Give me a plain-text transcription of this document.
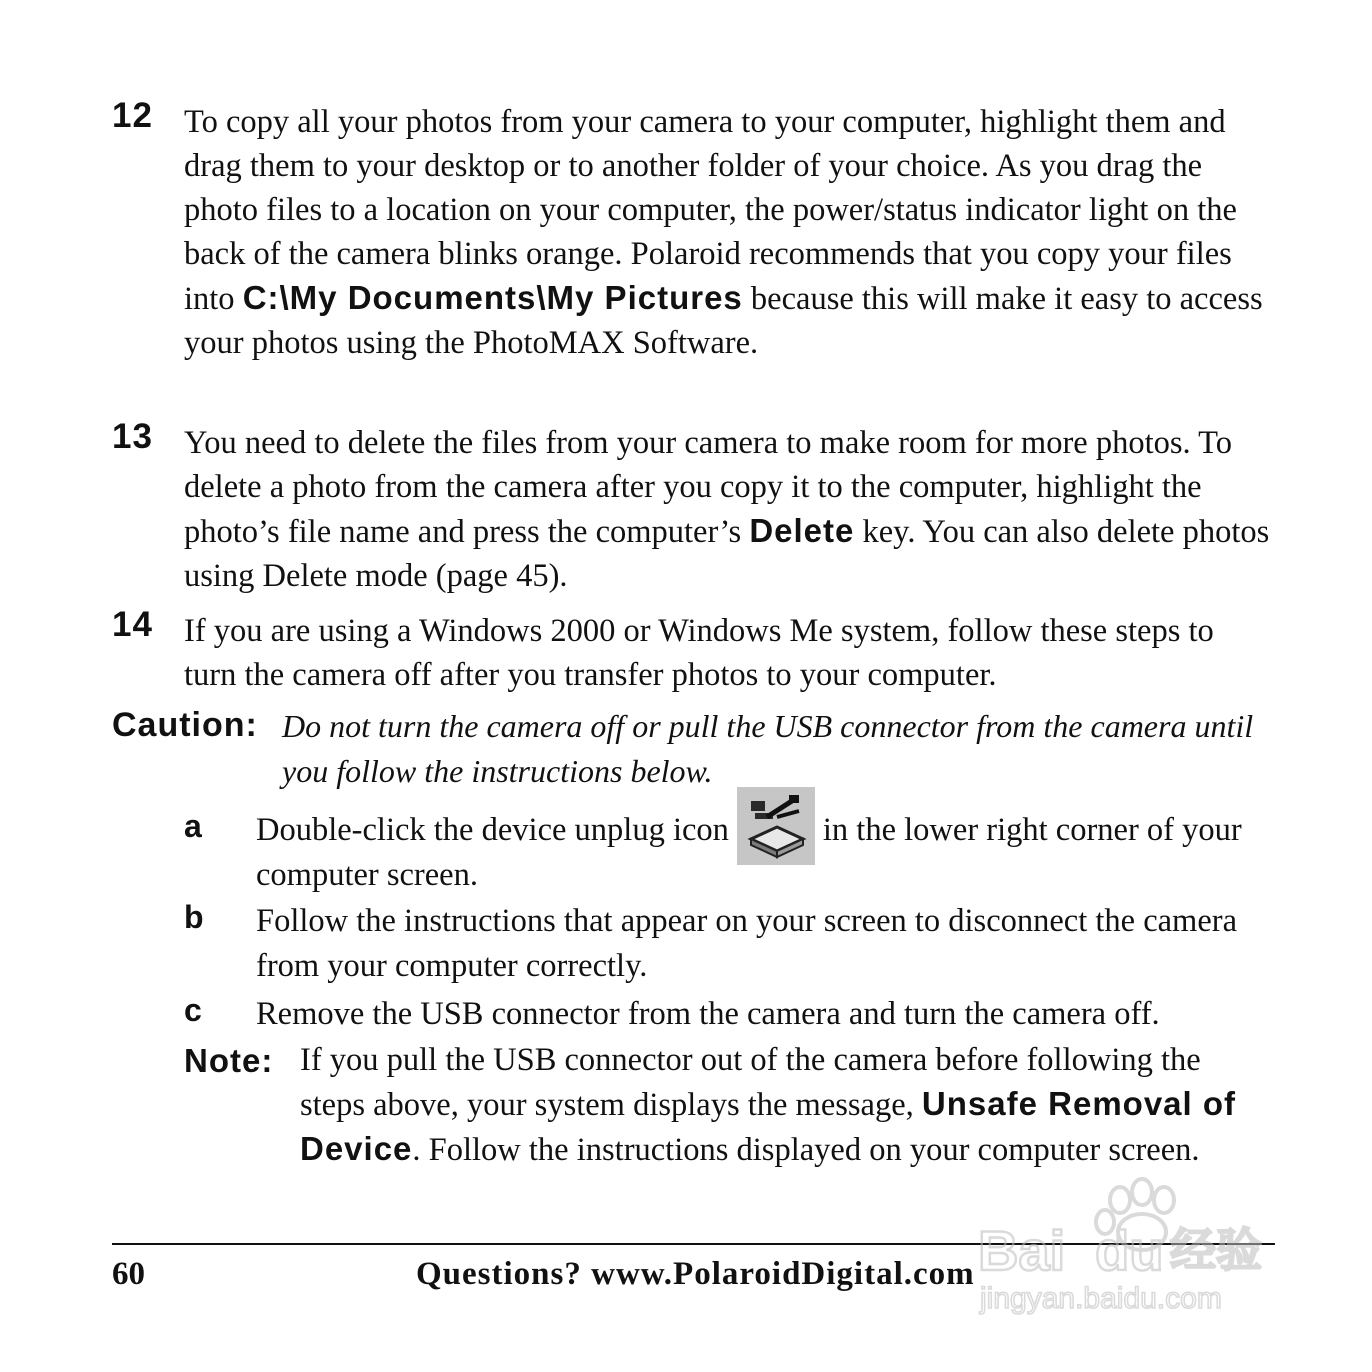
12 To copy all your photos from your camera to your computer, highlight them and drag them to your desktop or to another folder of your choice. As you drag the photo files to a location on your computer, the power/status indicator light on the back of the camera blinks orange. Polaroid recommends that you copy your files into C:\My Documents\My Pictures because this will make it easy to access your photos using the PhotoMAX Software.
13 You need to delete the files from your camera to make room for more photos. To delete a photo from the camera after you copy it to the computer, highlight the photo’s file name and press the computer’s Delete key. You can also delete photos using Delete mode (page 45).
14 If you are using a Windows 2000 or Windows Me system, follow these steps to turn the camera off after you transfer photos to your computer.
Caution: Do not turn the camera off or pull the USB connector from the camera until you follow the instructions below.
a Double-click the device unplug icon	in the lower right corner of your computer screen.
b Follow the instructions that appear on your screen to disconnect the camera from your computer correctly.
c Remove the USB connector from the camera and turn the camera off.
Note: If you pull the USB connector out of the camera before following the steps above, your system displays the message, Unsafe Removal of Device. Follow the instructions displayed on your computer screen.
60	Questions? www.PolaroidDigital.com Bai du 经验
jingyan.baidu.com
